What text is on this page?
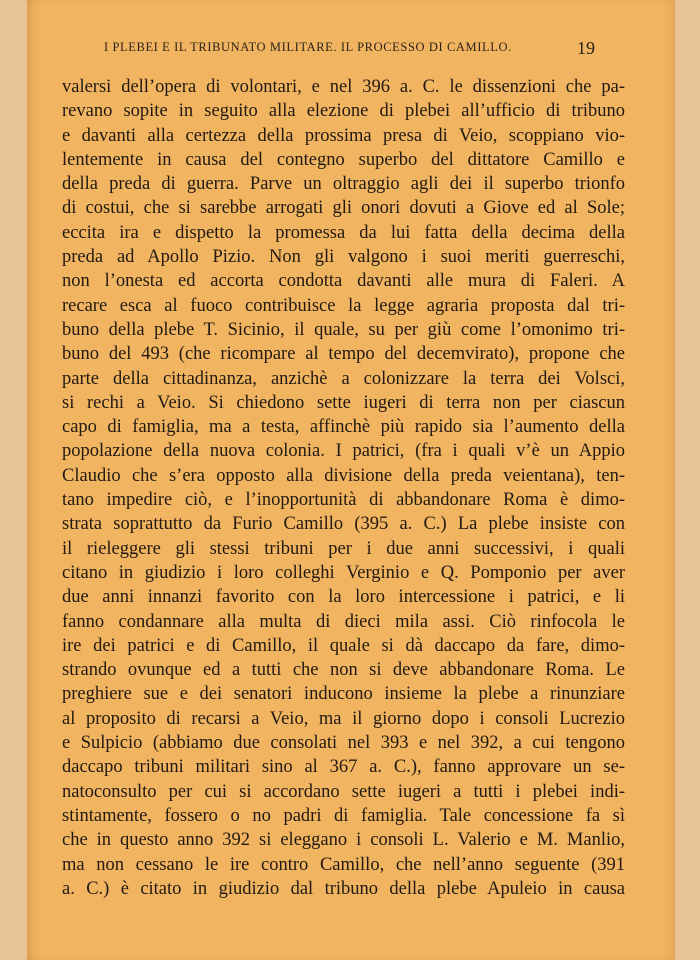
I PLEBEI E IL TRIBUNATO MILITARE. IL PROCESSO DI CAMILLO.	19
valersi dell’opera di volontari, e nel 396 a. C. le dissenzioni che pa-
revano sopite in seguito alla elezione di plebei all’ufficio di tribuno
e davanti alla certezza della prossima presa di Veio, scoppiano vio-
lentemente in causa del contegno superbo del dittatore Camillo e
della preda di guerra. Parve un oltraggio agli dei il superbo trionfo
di costui, che si sarebbe arrogati gli onori dovuti a Giove ed al Sole;
eccita ira e dispetto la promessa da lui fatta della decima della
preda ad Apollo Pizio. Non gli valgono i suoi meriti guerreschi,
non l’onesta ed accorta condotta davanti alle mura di Faleri. A
recare esca al fuoco contribuisce la legge agraria proposta dal tri-
buno della plebe T. Sicinio, il quale, su per giù come l’omonimo tri-
buno del 493 (che ricompare al tempo del decemvirato), propone che
parte della cittadinanza, anzichè a colonizzare la terra dei Volsci,
si rechi a Veio. Si chiedono sette iugeri di terra non per ciascun
capo di famiglia, ma a testa, affinchè più rapido sia l’aumento della
popolazione della nuova colonia. I patrici, (fra i quali v’è un Appio
Claudio che s’era opposto alla divisione della preda veientana), ten-
tano impedire ciò, e l’inopportunità di abbandonare Roma è dimo-
strata soprattutto da Furio Camillo (395 a. C.) La plebe insiste con
il rieleggere gli stessi tribuni per i due anni successivi, i quali
citano in giudizio i loro colleghi Verginio e Q. Pomponio per aver
due anni innanzi favorito con la loro intercessione i patrici, e li
fanno condannare alla multa di dieci mila assi. Ciò rinfocola le
ire dei patrici e di Camillo, il quale si dà daccapo da fare, dimo-
strando ovunque ed a tutti che non si deve abbandonare Roma. Le
preghiere sue e dei senatori inducono insieme la plebe a rinunziare
al proposito di recarsi a Veio, ma il giorno dopo i consoli Lucrezio
e Sulpicio (abbiamo due consolati nel 393 e nel 392, a cui tengono
daccapo tribuni militari sino al 367 a. C.), fanno approvare un se-
natoconsulto per cui si accordano sette iugeri a tutti i plebei indi-
stintamente, fossero o no padri di famiglia. Tale concessione fa sì
che in questo anno 392 si eleggano i consoli L. Valerio e M. Manlio,
ma non cessano le ire contro Camillo, che nell’anno seguente (391
a. C.) è citato in giudizio dal tribuno della plebe Apuleio in causa
